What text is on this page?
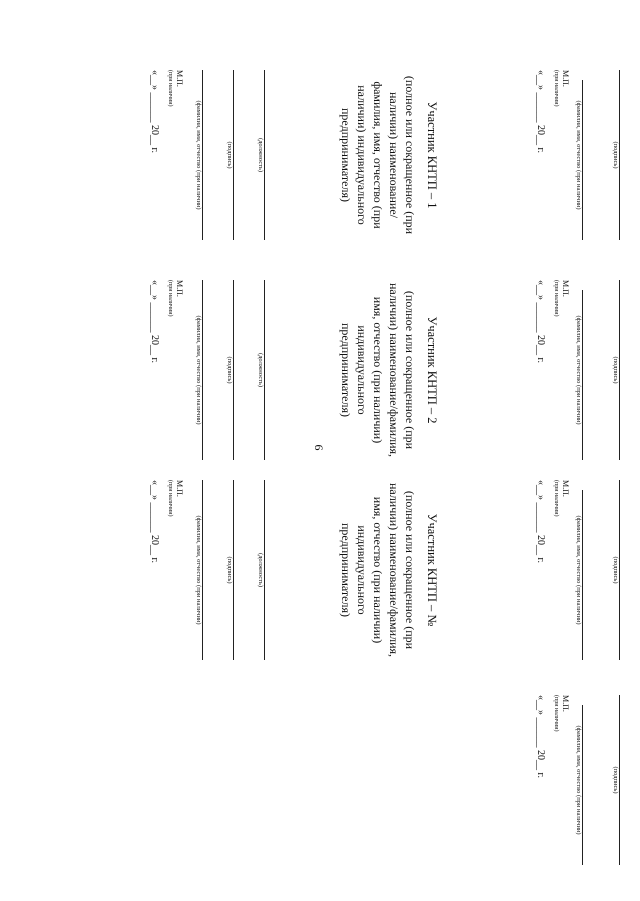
9
(подпись)
(фамилия, имя, отчество (при наличии)
М.П.
(при наличии)
«__» ______ 20__ г.
(подпись)
(фамилия, имя, отчество (при наличии)
М.П.
(при наличии)
«__» ______ 20__ г.
(подпись)
(фамилия, имя, отчество (при наличии)
М.П.
(при наличии)
«__» ______ 20__ г.
(подпись)
(фамилия, имя, отчество (при наличии)
М.П.
(при наличии)
«__» ______ 20__ г.
Участник КНТП – 1
(полное или сокращенное (при наличии) наименование/фамилия, имя, отчество (при наличии) индивидуального предпринимателя)
Участник КНТП – 2
(полное или сокращенное (при наличии) наименование/фамилия, имя, отчество (при наличии) индивидуального предпринимателя)
Участник КНТП – №
(полное или сокращенное (при наличии) наименование/фамилия, имя, отчество (при наличии) индивидуального предпринимателя)
(должность)
(подпись)
(фамилия, имя, отчество (при наличии)
М.П.
(при наличии)
«__» ______ 20__ г.
(должность)
(подпись)
(фамилия, имя, отчество (при наличии)
М.П.
(при наличии)
«__» ______ 20__ г.
(должность)
(подпись)
(фамилия, имя, отчество (при наличии)
М.П.
(при наличии)
«__» ______ 20__ г.
